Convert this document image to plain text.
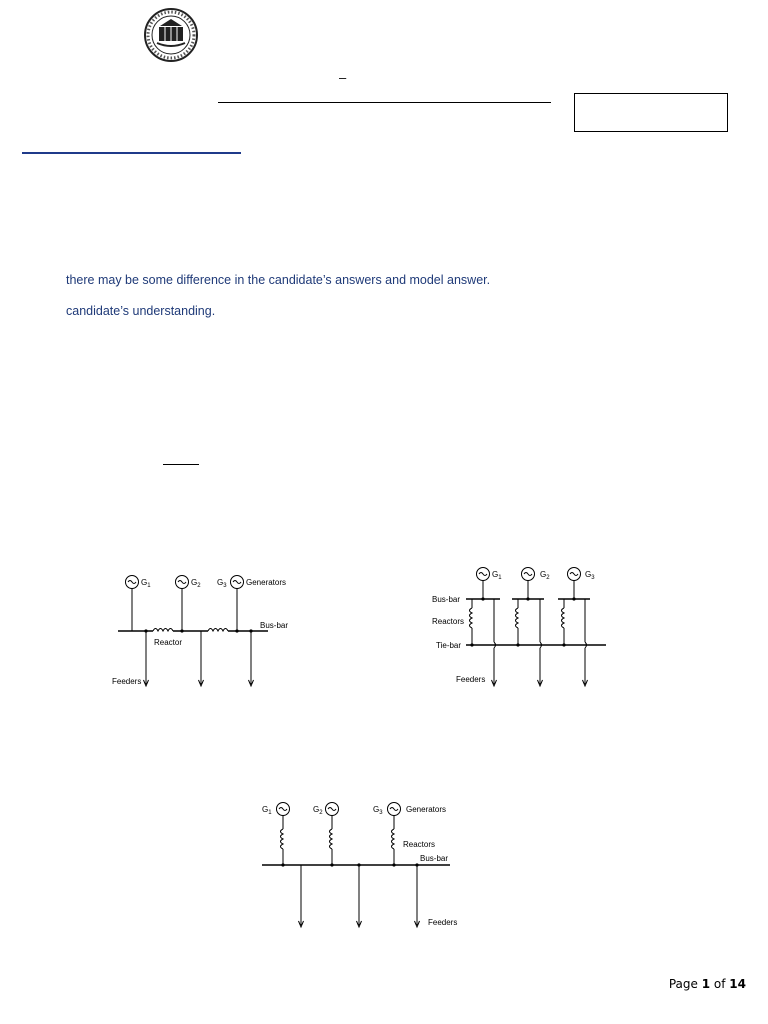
–
there may be some difference in the candidate’s answers and model answer.
candidate’s understanding.
$G_1$	$G_2$ $G_3$ Generators
Bus-bar
Reactor
Feeders
$G_1$	$G_2$	$G_3$
Bus-bar
Reactors
Tie-bar
Feeders
$G_1$	$G_2$	$G_3$	Generators
Reactors
Bus-bar
Feeders
Page 1 of 14
